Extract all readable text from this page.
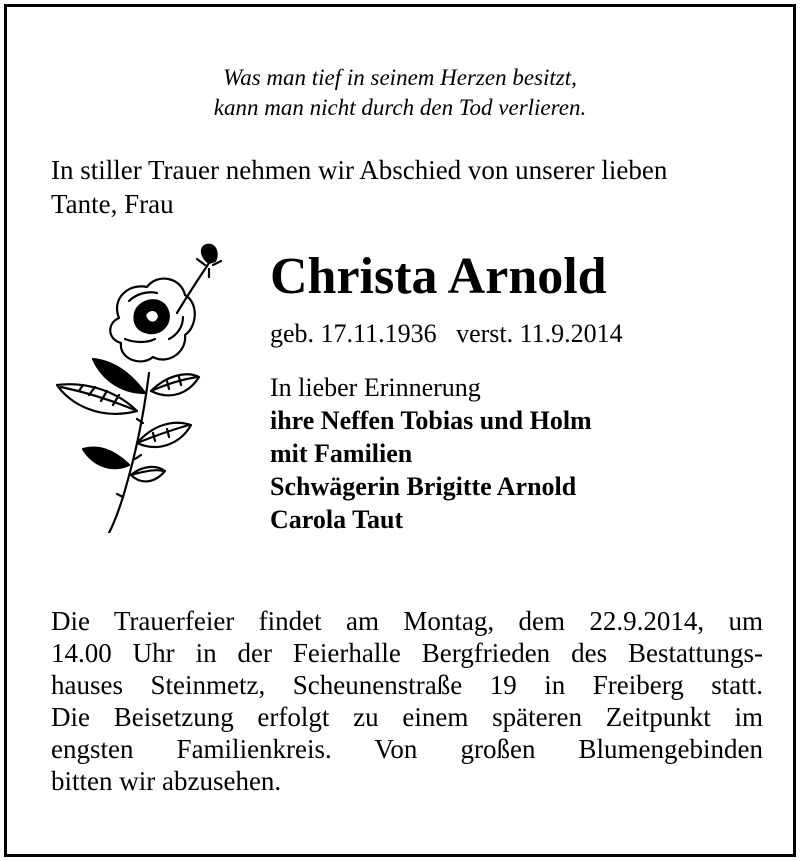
Was man tief in seinem Herzen besitzt,
kann man nicht durch den Tod verlieren.
In stiller Trauer nehmen wir Abschied von unserer lieben
Tante, Frau
Christa Arnold
geb. 17.11.1936 verst. 11.9.2014
In lieber Erinnerung
ihre Neffen Tobias und Holm
mit Familien
Schwägerin Brigitte Arnold
Carola Taut
Die Trauerfeier findet am Montag, dem 22.9.2014, um
14.00 Uhr in der Feierhalle Bergfrieden des Bestattungs-
hauses Steinmetz, Scheunenstraße 19 in Freiberg statt.
Die Beisetzung erfolgt zu einem späteren Zeitpunkt im
engsten Familienkreis. Von großen Blumengebinden
bitten wir abzusehen.
